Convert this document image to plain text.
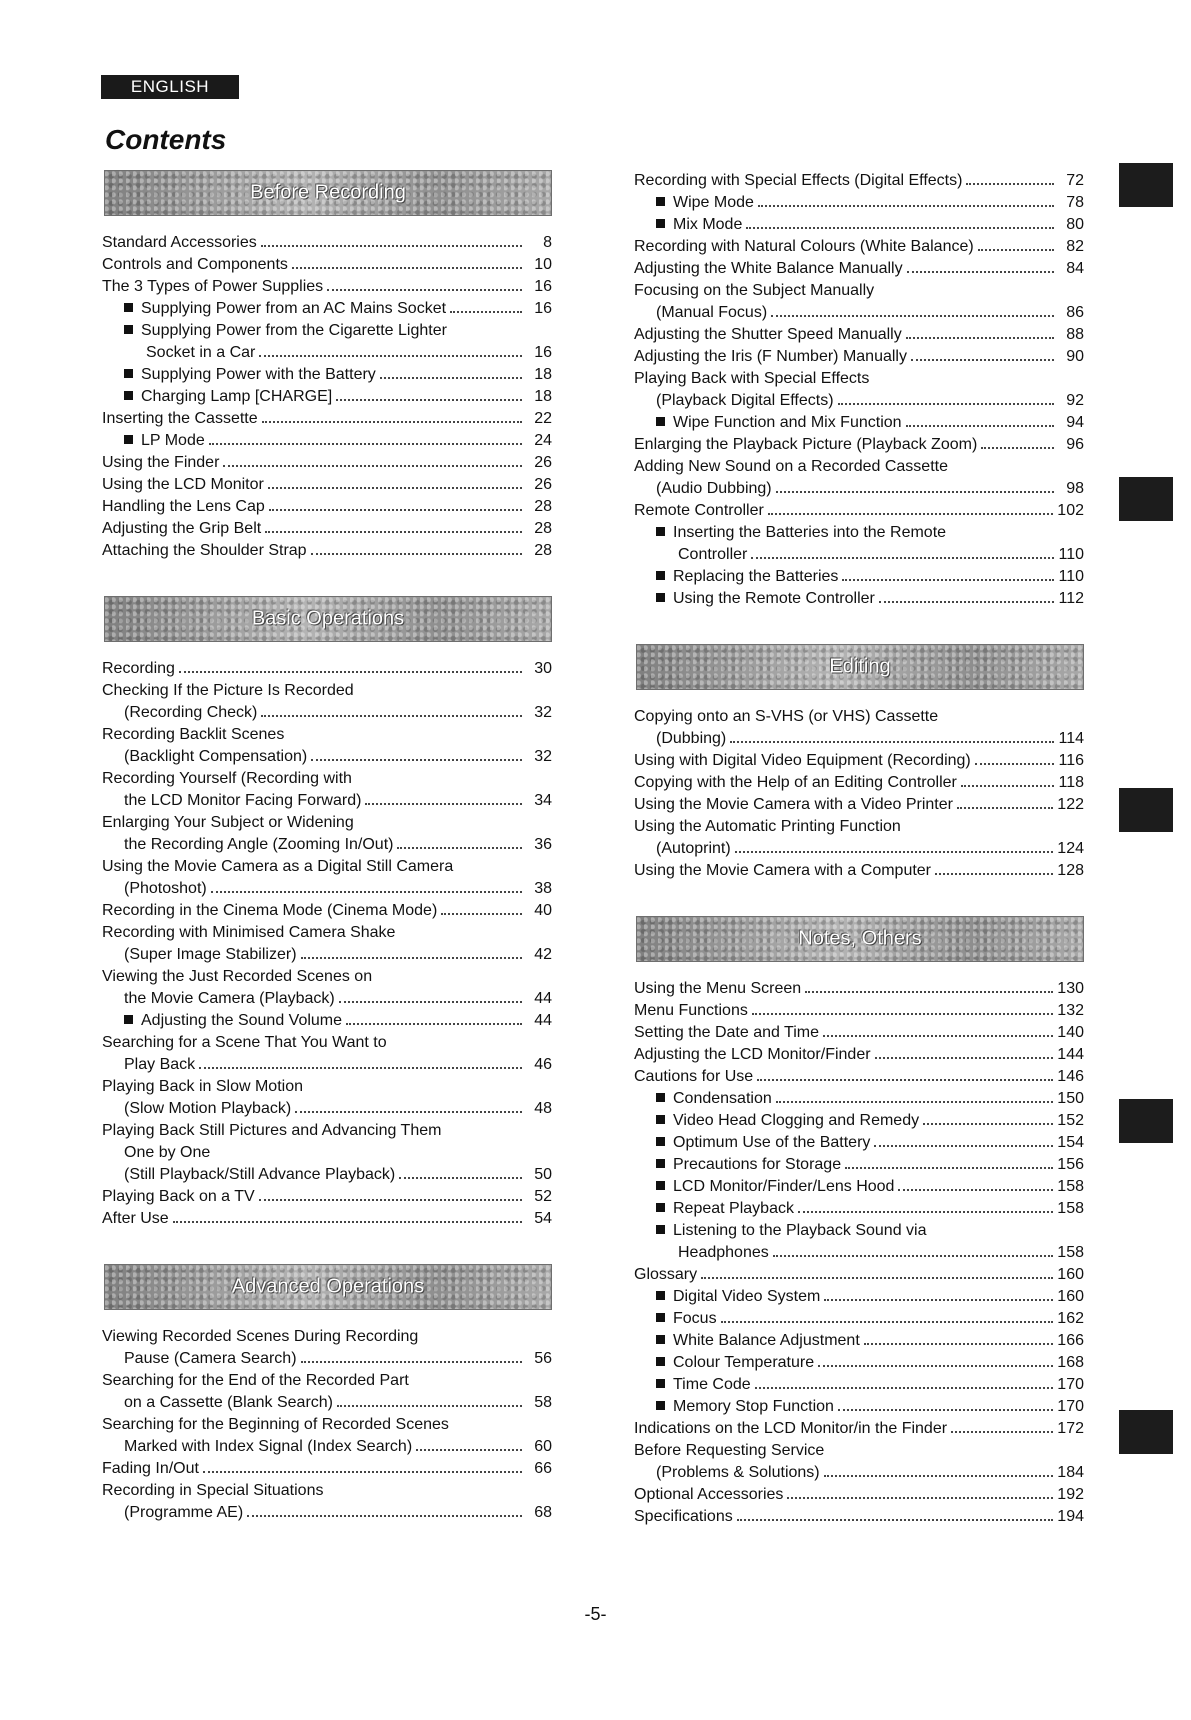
ENGLISH
Contents
Before Recording
Standard Accessories	8
Controls and Components	10
The 3 Types of Power Supplies	16
Supplying Power from an AC Mains Socket	16
Supplying Power from the Cigarette Lighter
Socket in a Car	16
Supplying Power with the Battery	18
Charging Lamp [CHARGE]	18
Inserting the Cassette	22
LP Mode	24
Using the Finder	26
Using the LCD Monitor	26
Handling the Lens Cap	28
Adjusting the Grip Belt	28
Attaching the Shoulder Strap	28
Basic Operations
Recording	30
Checking If the Picture Is Recorded
(Recording Check)	32
Recording Backlit Scenes
(Backlight Compensation)	32
Recording Yourself (Recording with
the LCD Monitor Facing Forward)	34
Enlarging Your Subject or Widening
the Recording Angle (Zooming In/Out)	36
Using the Movie Camera as a Digital Still Camera
(Photoshot)	38
Recording in the Cinema Mode (Cinema Mode)	40
Recording with Minimised Camera Shake
(Super Image Stabilizer)	42
Viewing the Just Recorded Scenes on
the Movie Camera (Playback)	44
Adjusting the Sound Volume	44
Searching for a Scene That You Want to
Play Back	46
Playing Back in Slow Motion
(Slow Motion Playback)	48
Playing Back Still Pictures and Advancing Them
One by One
(Still Playback/Still Advance Playback)	50
Playing Back on a TV	52
After Use	54
Advanced Operations
Viewing Recorded Scenes During Recording
Pause (Camera Search)	56
Searching for the End of the Recorded Part
on a Cassette (Blank Search)	58
Searching for the Beginning of Recorded Scenes
Marked with Index Signal (Index Search)	60
Fading In/Out	66
Recording in Special Situations
(Programme AE)	68
Recording with Special Effects (Digital Effects)	72
Wipe Mode	78
Mix Mode	80
Recording with Natural Colours (White Balance)	82
Adjusting the White Balance Manually	84
Focusing on the Subject Manually
(Manual Focus)	86
Adjusting the Shutter Speed Manually	88
Adjusting the Iris (F Number) Manually	90
Playing Back with Special Effects
(Playback Digital Effects)	92
Wipe Function and Mix Function	94
Enlarging the Playback Picture (Playback Zoom)	96
Adding New Sound on a Recorded Cassette
(Audio Dubbing)	98
Remote Controller	102
Inserting the Batteries into the Remote
Controller	110
Replacing the Batteries	110
Using the Remote Controller	112
Editing
Copying onto an S-VHS (or VHS) Cassette
(Dubbing)	114
Using with Digital Video Equipment (Recording)	116
Copying with the Help of an Editing Controller	118
Using the Movie Camera with a Video Printer	122
Using the Automatic Printing Function
(Autoprint)	124
Using the Movie Camera with a Computer	128
Notes, Others
Using the Menu Screen	130
Menu Functions	132
Setting the Date and Time	140
Adjusting the LCD Monitor/Finder	144
Cautions for Use	146
Condensation	150
Video Head Clogging and Remedy	152
Optimum Use of the Battery	154
Precautions for Storage	156
LCD Monitor/Finder/Lens Hood	158
Repeat Playback	158
Listening to the Playback Sound via
Headphones	158
Glossary	160
Digital Video System	160
Focus	162
White Balance Adjustment	166
Colour Temperature	168
Time Code	170
Memory Stop Function	170
Indications on the LCD Monitor/in the Finder	172
Before Requesting Service
(Problems & Solutions)	184
Optional Accessories	192
Specifications	194
-5-
